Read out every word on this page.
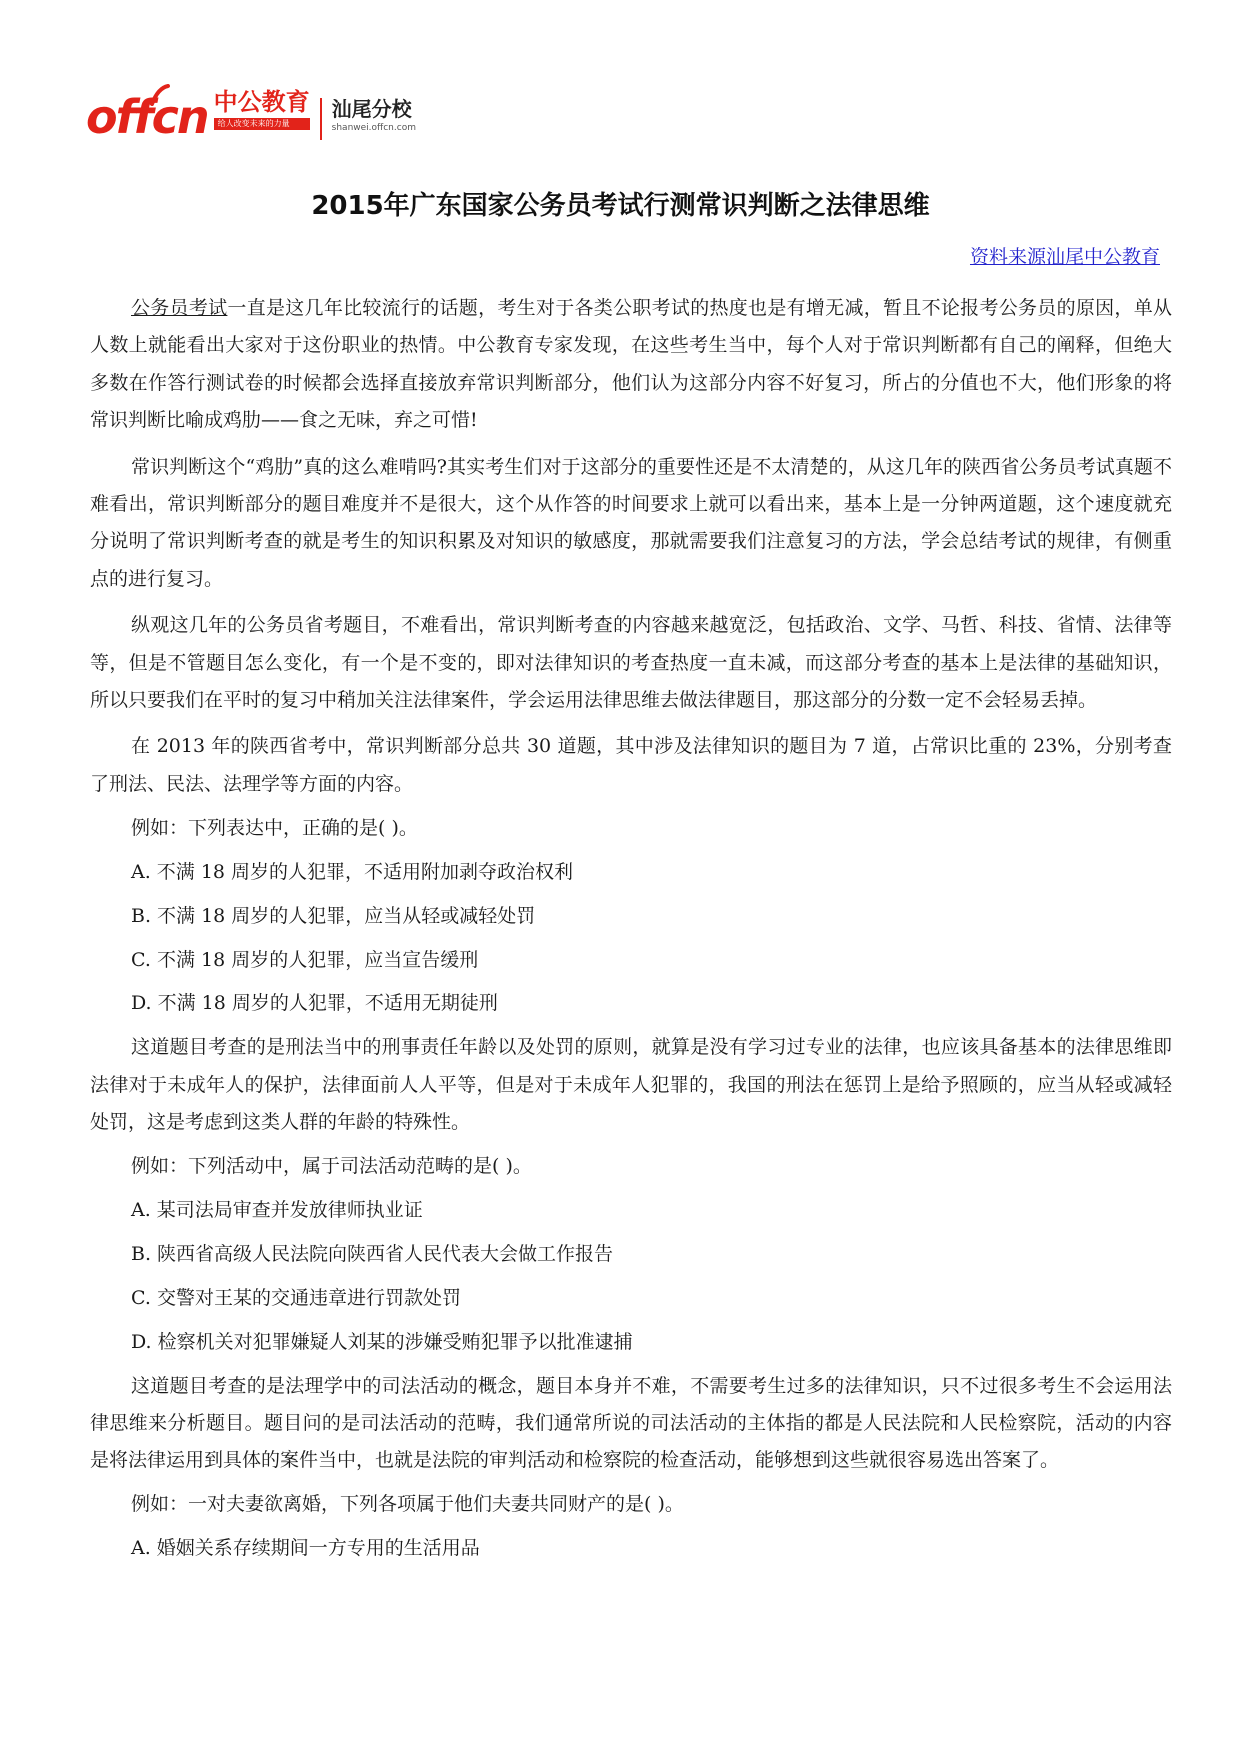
offcn 中公教育
给人改变未来的力量
汕尾分校
shanwei.offcn.com
2015年广东国家公务员考试行测常识判断之法律思维
资料来源汕尾中公教育

公务员考试一直是这几年比较流行的话题，考生对于各类公职考试的热度也是有增无减，暂且不论报考公务员的原因，单从人数上就能看出大家对于这份职业的热情。中公教育专家发现，在这些考生当中，每个人对于常识判断都有自己的阐释，但绝大多数在作答行测试卷的时候都会选择直接放弃常识判断部分，他们认为这部分内容不好复习，所占的分值也不大，他们形象的将常识判断比喻成鸡肋——食之无味，弃之可惜!

常识判断这个“鸡肋”真的这么难啃吗?其实考生们对于这部分的重要性还是不太清楚的，从这几年的陕西省公务员考试真题不难看出，常识判断部分的题目难度并不是很大，这个从作答的时间要求上就可以看出来，基本上是一分钟两道题，这个速度就充分说明了常识判断考查的就是考生的知识积累及对知识的敏感度，那就需要我们注意复习的方法，学会总结考试的规律，有侧重点的进行复习。

纵观这几年的公务员省考题目，不难看出，常识判断考查的内容越来越宽泛，包括政治、文学、马哲、科技、省情、法律等等，但是不管题目怎么变化，有一个是不变的，即对法律知识的考查热度一直未减，而这部分考查的基本上是法律的基础知识，所以只要我们在平时的复习中稍加关注法律案件，学会运用法律思维去做法律题目，那这部分的分数一定不会轻易丢掉。

在 2013 年的陕西省考中，常识判断部分总共 30 道题，其中涉及法律知识的题目为 7 道，占常识比重的 23%，分别考查了刑法、民法、法理学等方面的内容。

例如：下列表达中，正确的是( )。

A. 不满 18 周岁的人犯罪，不适用附加剥夺政治权利

B. 不满 18 周岁的人犯罪，应当从轻或减轻处罚

C. 不满 18 周岁的人犯罪，应当宣告缓刑

D. 不满 18 周岁的人犯罪，不适用无期徒刑

这道题目考查的是刑法当中的刑事责任年龄以及处罚的原则，就算是没有学习过专业的法律，也应该具备基本的法律思维即法律对于未成年人的保护，法律面前人人平等，但是对于未成年人犯罪的，我国的刑法在惩罚上是给予照顾的，应当从轻或减轻处罚，这是考虑到这类人群的年龄的特殊性。

例如：下列活动中，属于司法活动范畴的是( )。

A. 某司法局审查并发放律师执业证

B. 陕西省高级人民法院向陕西省人民代表大会做工作报告

C. 交警对王某的交通违章进行罚款处罚

D. 检察机关对犯罪嫌疑人刘某的涉嫌受贿犯罪予以批准逮捕

这道题目考查的是法理学中的司法活动的概念，题目本身并不难，不需要考生过多的法律知识，只不过很多考生不会运用法律思维来分析题目。题目问的是司法活动的范畴，我们通常所说的司法活动的主体指的都是人民法院和人民检察院，活动的内容是将法律运用到具体的案件当中，也就是法院的审判活动和检察院的检查活动，能够想到这些就很容易选出答案了。

例如：一对夫妻欲离婚，下列各项属于他们夫妻共同财产的是( )。

A. 婚姻关系存续期间一方专用的生活用品
